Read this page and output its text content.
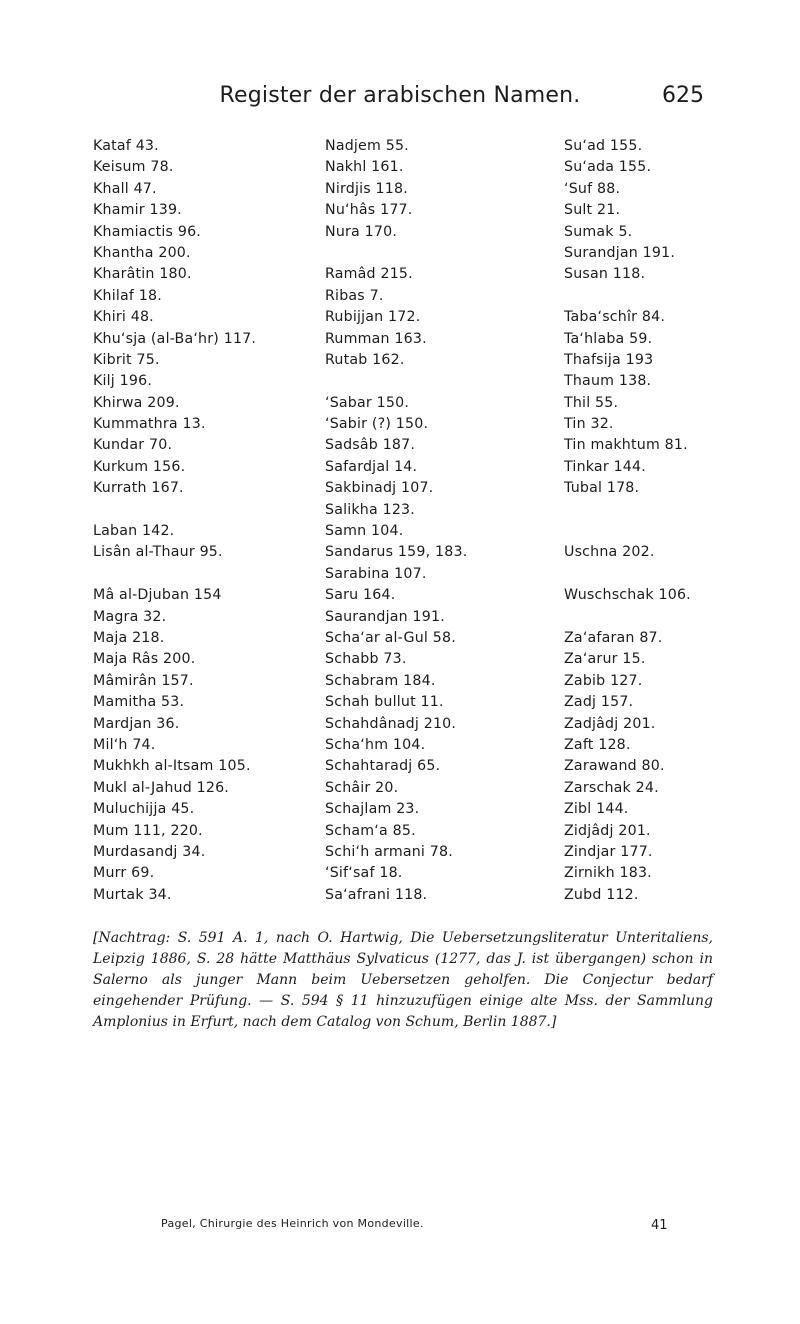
Register der arabischen Namen.	625
Kataf 43.
Keisum 78.
Khall 47.
Khamir 139.
Khamiactis 96.
Khantha 200.
Kharâtin 180.
Khilaf 18.
Khiri 48.
Khu‘sja (al-Ba‘hr) 117.
Kibrit 75.
Kilj 196.
Khirwa 209.
Kummathra 13.
Kundar 70.
Kurkum 156.
Kurrath 167.
Laban 142.
Lisân al-Thaur 95.
Mâ al-Djuban 154
Magra 32.
Maja 218.
Maja Râs 200.
Mâmirân 157.
Mamitha 53.
Mardjan 36.
Mil‘h 74.
Mukhkh al-Itsam 105.
Mukl al-Jahud 126.
Muluchijja 45.
Mum 111, 220.
Murdasandj 34.
Murr 69.
Murtak 34.
Nadjem 55.
Nakhl 161.
Nirdjis 118.
Nu‘hâs 177.
Nura 170.
Ramâd 215.
Ribas 7.
Rubijjan 172.
Rumman 163.
Rutab 162.
‘Sabar 150.
‘Sabir (?) 150.
Sadsâb 187.
Safardjal 14.
Sakbinadj 107.
Salikha 123.
Samn 104.
Sandarus 159, 183.
Sarabina 107.
Saru 164.
Saurandjan 191.
Scha‘ar al-Gul 58.
Schabb 73.
Schabram 184.
Schah bullut 11.
Schahdânadj 210.
Scha‘hm 104.
Schahtaradj 65.
Schâir 20.
Schajlam 23.
Scham‘a 85.
Schi‘h armani 78.
‘Sif‘saf 18.
Sa‘afrani 118.
Su‘ad 155.
Su‘ada 155.
‘Suf 88.
Sult 21.
Sumak 5.
Surandjan 191.
Susan 118.
Taba‘schîr 84.
Ta‘hlaba 59.
Thafsija 193
Thaum 138.
Thil 55.
Tin 32.
Tin makhtum 81.
Tinkar 144.
Tubal 178.
Uschna 202.
Wuschschak 106.
Za‘afaran 87.
Za‘arur 15.
Zabib 127.
Zadj 157.
Zadjâdj 201.
Zaft 128.
Zarawand 80.
Zarschak 24.
Zibl 144.
Zidjâdj 201.
Zindjar 177.
Zirnikh 183.
Zubd 112.
[Nachtrag: S. 591 A. 1, nach O. Hartwig, Die Uebersetzungsliteratur Unteritaliens, Leipzig 1886, S. 28 hätte Matthäus Sylvaticus (1277, das J. ist übergangen) schon in Salerno als junger Mann beim Uebersetzen geholfen. Die Conjectur bedarf eingehender Prüfung. — S. 594 § 11 hinzuzufügen einige alte Mss. der Sammlung Amplonius in Erfurt, nach dem Catalog von Schum, Berlin 1887.]
Pagel, Chirurgie des Heinrich von Mondeville.	41
